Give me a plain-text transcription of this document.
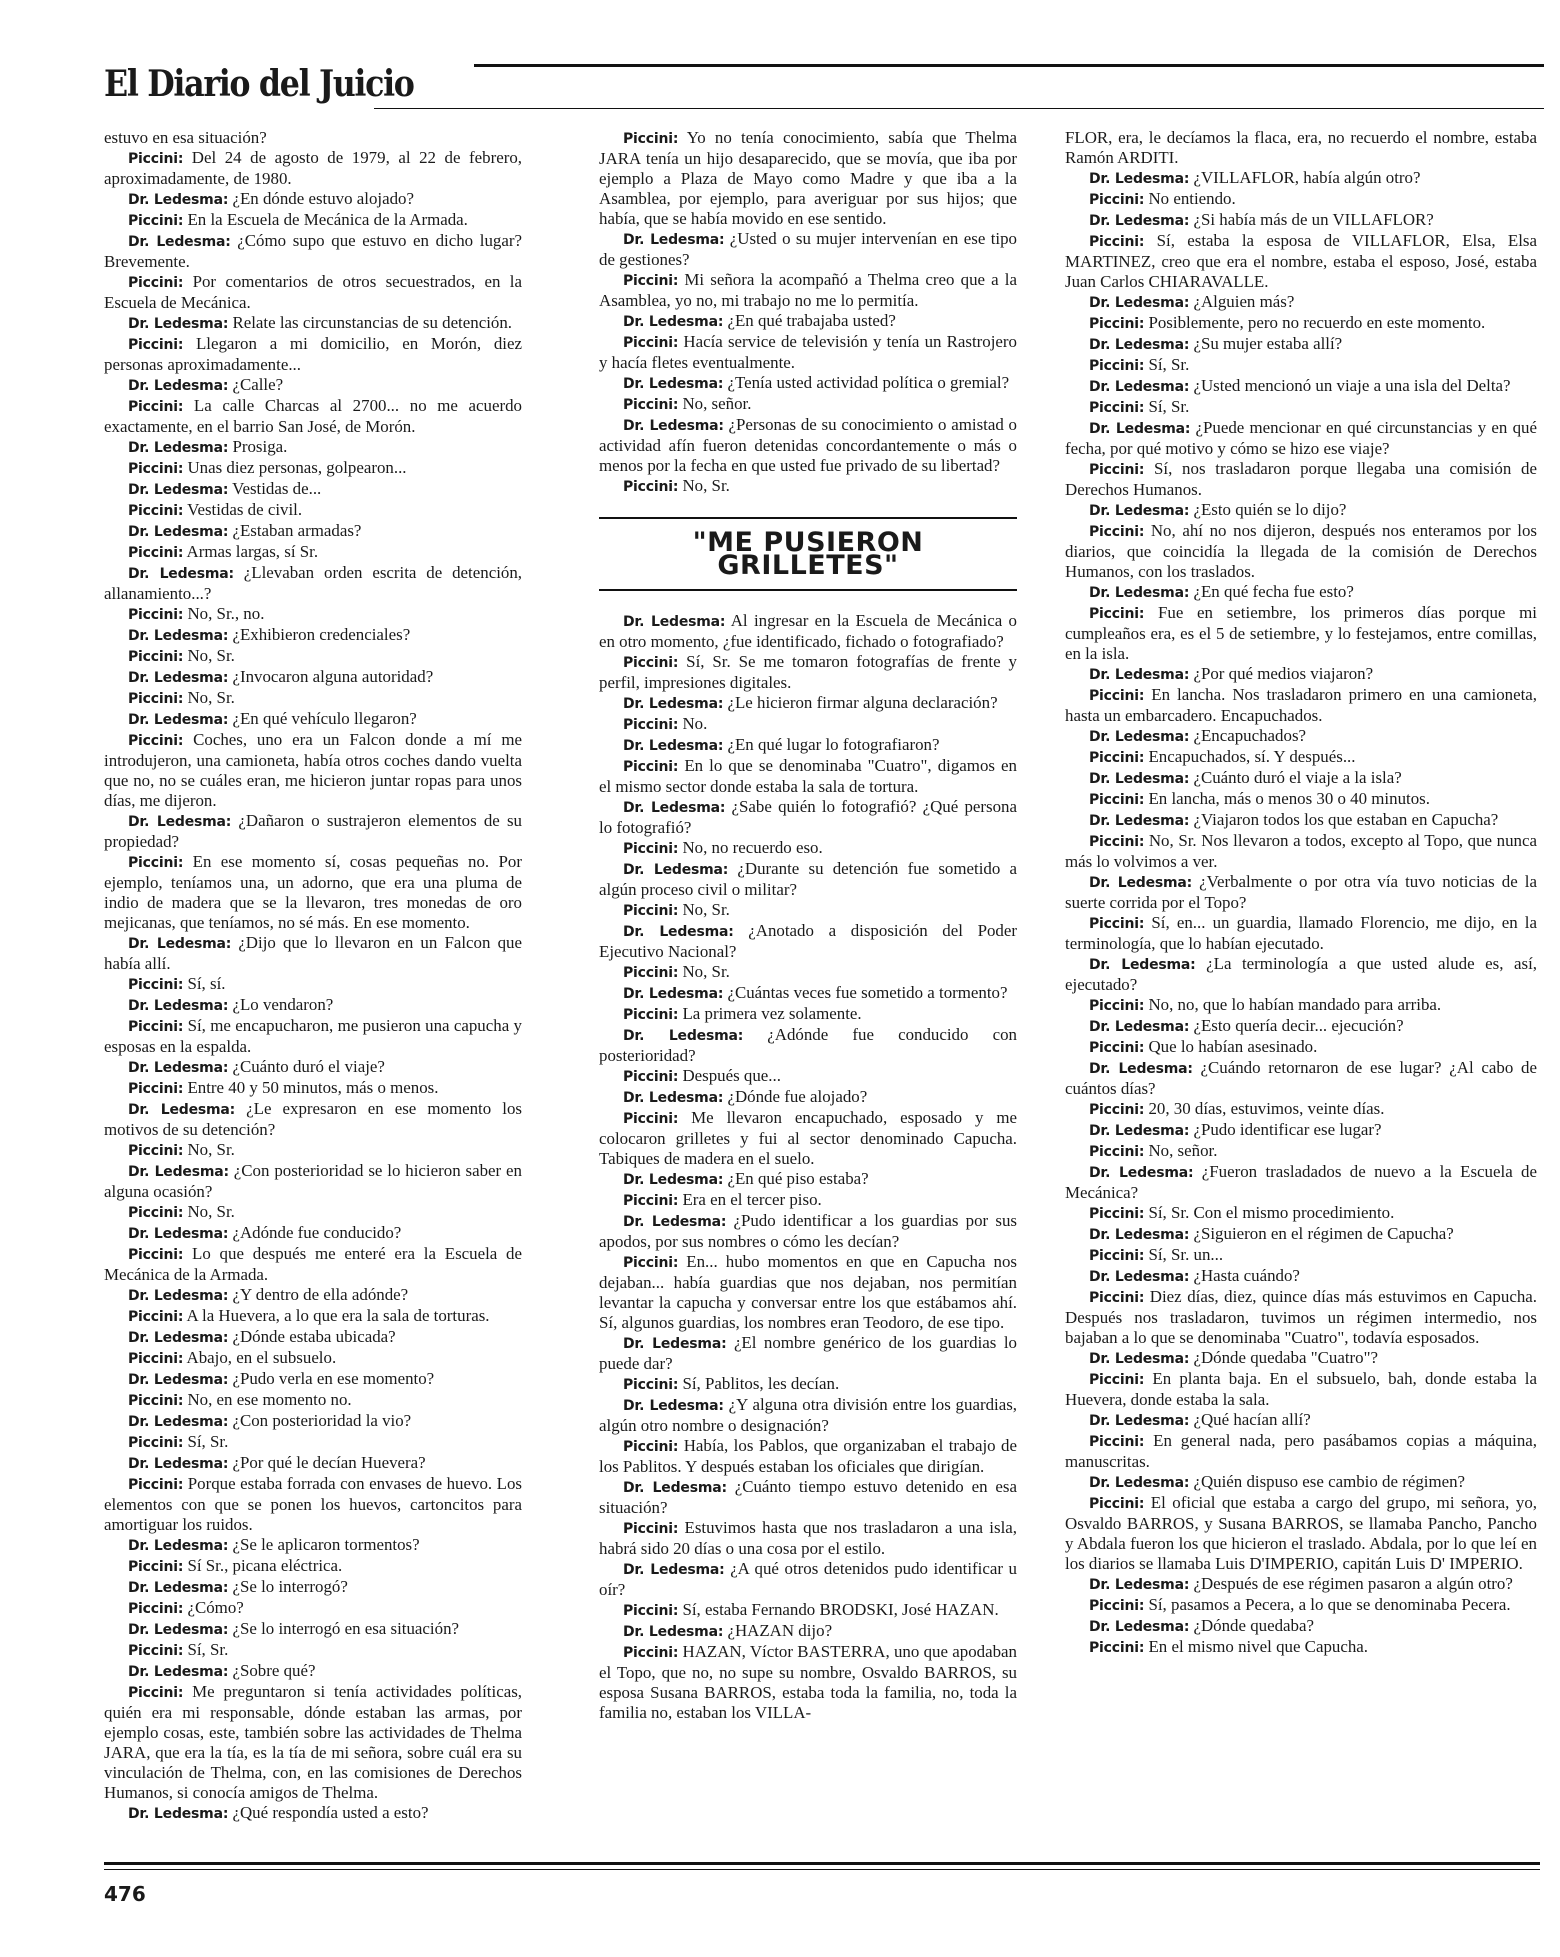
El Diario del Juicio

estuvo en esa situación?

Piccini: Del 24 de agosto de 1979, al 22 de febrero, aproximadamente, de 1980.

Dr. Ledesma: ¿En dónde estuvo alojado?

Piccini: En la Escuela de Mecánica de la Armada.

Dr. Ledesma: ¿Cómo supo que estuvo en dicho lugar? Brevemente.

Piccini: Por comentarios de otros secuestrados, en la Escuela de Mecánica.

Dr. Ledesma: Relate las circunstancias de su detención.

Piccini: Llegaron a mi domicilio, en Morón, diez personas aproximadamente...

Dr. Ledesma: ¿Calle?

Piccini: La calle Charcas al 2700... no me acuerdo exactamente, en el barrio San José, de Morón.

Dr. Ledesma: Prosiga.

Piccini: Unas diez personas, golpearon...

Dr. Ledesma: Vestidas de...

Piccini: Vestidas de civil.

Dr. Ledesma: ¿Estaban armadas?

Piccini: Armas largas, sí Sr.

Dr. Ledesma: ¿Llevaban orden escrita de detención, allanamiento...?

Piccini: No, Sr., no.

Dr. Ledesma: ¿Exhibieron credenciales?

Piccini: No, Sr.

Dr. Ledesma: ¿Invocaron alguna autoridad?

Piccini: No, Sr.

Dr. Ledesma: ¿En qué vehículo llegaron?

Piccini: Coches, uno era un Falcon donde a mí me introdujeron, una camioneta, había otros coches dando vuelta que no, no se cuáles eran, me hicieron juntar ropas para unos días, me dijeron.

Dr. Ledesma: ¿Dañaron o sustrajeron elementos de su propiedad?

Piccini: En ese momento sí, cosas pequeñas no. Por ejemplo, teníamos una, un adorno, que era una pluma de indio de madera que se la llevaron, tres monedas de oro mejicanas, que teníamos, no sé más. En ese momento.

Dr. Ledesma: ¿Dijo que lo llevaron en un Falcon que había allí.

Piccini: Sí, sí.

Dr. Ledesma: ¿Lo vendaron?

Piccini: Sí, me encapucharon, me pusieron una capucha y esposas en la espalda.

Dr. Ledesma: ¿Cuánto duró el viaje?

Piccini: Entre 40 y 50 minutos, más o menos.

Dr. Ledesma: ¿Le expresaron en ese momento los motivos de su detención?

Piccini: No, Sr.

Dr. Ledesma: ¿Con posterioridad se lo hicieron saber en alguna ocasión?

Piccini: No, Sr.

Dr. Ledesma: ¿Adónde fue conducido?

Piccini: Lo que después me enteré era la Escuela de Mecánica de la Armada.

Dr. Ledesma: ¿Y dentro de ella adónde?

Piccini: A la Huevera, a lo que era la sala de torturas.

Dr. Ledesma: ¿Dónde estaba ubicada?

Piccini: Abajo, en el subsuelo.

Dr. Ledesma: ¿Pudo verla en ese momento?

Piccini: No, en ese momento no.

Dr. Ledesma: ¿Con posterioridad la vio?

Piccini: Sí, Sr.

Dr. Ledesma: ¿Por qué le decían Huevera?

Piccini: Porque estaba forrada con envases de huevo. Los elementos con que se ponen los huevos, cartoncitos para amortiguar los ruidos.

Dr. Ledesma: ¿Se le aplicaron tormentos?

Piccini: Sí Sr., picana eléctrica.

Dr. Ledesma: ¿Se lo interrogó?

Piccini: ¿Cómo?

Dr. Ledesma: ¿Se lo interrogó en esa situación?

Piccini: Sí, Sr.

Dr. Ledesma: ¿Sobre qué?

Piccini: Me preguntaron si tenía actividades políticas, quién era mi responsable, dónde estaban las armas, por ejemplo cosas, este, también sobre las actividades de Thelma JARA, que era la tía, es la tía de mi señora, sobre cuál era su vinculación de Thelma, con, en las comisiones de Derechos Humanos, si conocía amigos de Thelma.

Dr. Ledesma: ¿Qué respondía usted a esto?

Piccini: Yo no tenía conocimiento, sabía que Thelma JARA tenía un hijo desaparecido, que se movía, que iba por ejemplo a Plaza de Mayo como Madre y que iba a la Asamblea, por ejemplo, para averiguar por sus hijos; que había, que se había movido en ese sentido.

Dr. Ledesma: ¿Usted o su mujer intervenían en ese tipo de gestiones?

Piccini: Mi señora la acompañó a Thelma creo que a la Asamblea, yo no, mi trabajo no me lo permitía.

Dr. Ledesma: ¿En qué trabajaba usted?

Piccini: Hacía service de televisión y tenía un Rastrojero y hacía fletes eventualmente.

Dr. Ledesma: ¿Tenía usted actividad política o gremial?

Piccini: No, señor.

Dr. Ledesma: ¿Personas de su conocimiento o amistad o actividad afín fueron detenidas concordantemente o más o menos por la fecha en que usted fue privado de su libertad?

Piccini: No, Sr.

"ME PUSIERON GRILLETES"

Dr. Ledesma: Al ingresar en la Escuela de Mecánica o en otro momento, ¿fue identificado, fichado o fotografiado?

Piccini: Sí, Sr. Se me tomaron fotografías de frente y perfil, impresiones digitales.

Dr. Ledesma: ¿Le hicieron firmar alguna declaración?

Piccini: No.

Dr. Ledesma: ¿En qué lugar lo fotografiaron?

Piccini: En lo que se denominaba "Cuatro", digamos en el mismo sector donde estaba la sala de tortura.

Dr. Ledesma: ¿Sabe quién lo fotografió? ¿Qué persona lo fotografió?

Piccini: No, no recuerdo eso.

Dr. Ledesma: ¿Durante su detención fue sometido a algún proceso civil o militar?

Piccini: No, Sr.

Dr. Ledesma: ¿Anotado a disposición del Poder Ejecutivo Nacional?

Piccini: No, Sr.

Dr. Ledesma: ¿Cuántas veces fue sometido a tormento?

Piccini: La primera vez solamente.

Dr. Ledesma: ¿Adónde fue conducido con posterioridad?

Piccini: Después que...

Dr. Ledesma: ¿Dónde fue alojado?

Piccini: Me llevaron encapuchado, esposado y me colocaron grilletes y fui al sector denominado Capucha. Tabiques de madera en el suelo.

Dr. Ledesma: ¿En qué piso estaba?

Piccini: Era en el tercer piso.

Dr. Ledesma: ¿Pudo identificar a los guardias por sus apodos, por sus nombres o cómo les decían?

Piccini: En... hubo momentos en que en Capucha nos dejaban... había guardias que nos dejaban, nos permitían levantar la capucha y conversar entre los que estábamos ahí. Sí, algunos guardias, los nombres eran Teodoro, de ese tipo.

Dr. Ledesma: ¿El nombre genérico de los guardias lo puede dar?

Piccini: Sí, Pablitos, les decían.

Dr. Ledesma: ¿Y alguna otra división entre los guardias, algún otro nombre o designación?

Piccini: Había, los Pablos, que organizaban el trabajo de los Pablitos. Y después estaban los oficiales que dirigían.

Dr. Ledesma: ¿Cuánto tiempo estuvo detenido en esa situación?

Piccini: Estuvimos hasta que nos trasladaron a una isla, habrá sido 20 días o una cosa por el estilo.

Dr. Ledesma: ¿A qué otros detenidos pudo identificar u oír?

Piccini: Sí, estaba Fernando BRODSKI, José HAZAN.

Dr. Ledesma: ¿HAZAN dijo?

Piccini: HAZAN, Víctor BASTERRA, uno que apodaban el Topo, que no, no supe su nombre, Osvaldo BARROS, su esposa Susana BARROS, estaba toda la familia, no, toda la familia no, estaban los VILLA-

FLOR, era, le decíamos la flaca, era, no recuerdo el nombre, estaba Ramón ARDITI.

Dr. Ledesma: ¿VILLAFLOR, había algún otro?

Piccini: No entiendo.

Dr. Ledesma: ¿Si había más de un VILLAFLOR?

Piccini: Sí, estaba la esposa de VILLAFLOR, Elsa, Elsa MARTINEZ, creo que era el nombre, estaba el esposo, José, estaba Juan Carlos CHIARAVALLE.

Dr. Ledesma: ¿Alguien más?

Piccini: Posiblemente, pero no recuerdo en este momento.

Dr. Ledesma: ¿Su mujer estaba allí?

Piccini: Sí, Sr.

Dr. Ledesma: ¿Usted mencionó un viaje a una isla del Delta?

Piccini: Sí, Sr.

Dr. Ledesma: ¿Puede mencionar en qué circunstancias y en qué fecha, por qué motivo y cómo se hizo ese viaje?

Piccini: Sí, nos trasladaron porque llegaba una comisión de Derechos Humanos.

Dr. Ledesma: ¿Esto quién se lo dijo?

Piccini: No, ahí no nos dijeron, después nos enteramos por los diarios, que coincidía la llegada de la comisión de Derechos Humanos, con los traslados.

Dr. Ledesma: ¿En qué fecha fue esto?

Piccini: Fue en setiembre, los primeros días porque mi cumpleaños era, es el 5 de setiembre, y lo festejamos, entre comillas, en la isla.

Dr. Ledesma: ¿Por qué medios viajaron?

Piccini: En lancha. Nos trasladaron primero en una camioneta, hasta un embarcadero. Encapuchados.

Dr. Ledesma: ¿Encapuchados?

Piccini: Encapuchados, sí. Y después...

Dr. Ledesma: ¿Cuánto duró el viaje a la isla?

Piccini: En lancha, más o menos 30 o 40 minutos.

Dr. Ledesma: ¿Viajaron todos los que estaban en Capucha?

Piccini: No, Sr. Nos llevaron a todos, excepto al Topo, que nunca más lo volvimos a ver.

Dr. Ledesma: ¿Verbalmente o por otra vía tuvo noticias de la suerte corrida por el Topo?

Piccini: Sí, en... un guardia, llamado Florencio, me dijo, en la terminología, que lo habían ejecutado.

Dr. Ledesma: ¿La terminología a que usted alude es, así, ejecutado?

Piccini: No, no, que lo habían mandado para arriba.

Dr. Ledesma: ¿Esto quería decir... ejecución?

Piccini: Que lo habían asesinado.

Dr. Ledesma: ¿Cuándo retornaron de ese lugar? ¿Al cabo de cuántos días?

Piccini: 20, 30 días, estuvimos, veinte días.

Dr. Ledesma: ¿Pudo identificar ese lugar?

Piccini: No, señor.

Dr. Ledesma: ¿Fueron trasladados de nuevo a la Escuela de Mecánica?

Piccini: Sí, Sr. Con el mismo procedimiento.

Dr. Ledesma: ¿Siguieron en el régimen de Capucha?

Piccini: Sí, Sr. un...

Dr. Ledesma: ¿Hasta cuándo?

Piccini: Diez días, diez, quince días más estuvimos en Capucha. Después nos trasladaron, tuvimos un régimen intermedio, nos bajaban a lo que se denominaba "Cuatro", todavía esposados.

Dr. Ledesma: ¿Dónde quedaba "Cuatro"?

Piccini: En planta baja. En el subsuelo, bah, donde estaba la Huevera, donde estaba la sala.

Dr. Ledesma: ¿Qué hacían allí?

Piccini: En general nada, pero pasábamos copias a máquina, manuscritas.

Dr. Ledesma: ¿Quién dispuso ese cambio de régimen?

Piccini: El oficial que estaba a cargo del grupo, mi señora, yo, Osvaldo BARROS, y Susana BARROS, se llamaba Pancho, Pancho y Abdala fueron los que hicieron el traslado. Abdala, por lo que leí en los diarios se llamaba Luis D'IMPERIO, capitán Luis D' IMPERIO.

Dr. Ledesma: ¿Después de ese régimen pasaron a algún otro?

Piccini: Sí, pasamos a Pecera, a lo que se denominaba Pecera.

Dr. Ledesma: ¿Dónde quedaba?

Piccini: En el mismo nivel que Capucha.

476
